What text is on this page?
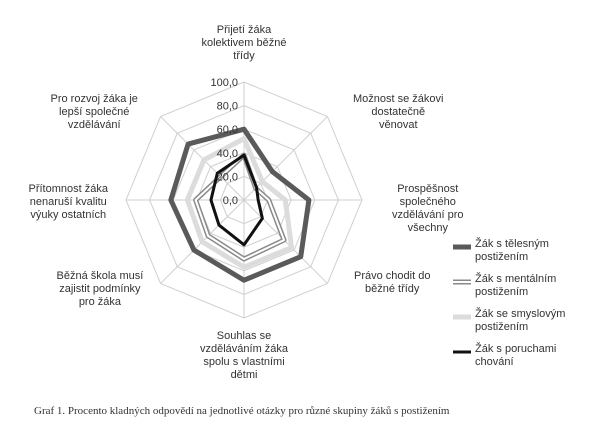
0,0
20,0
40,0
60,0
80,0
100,0
Přijetí žáka
kolektivem běžné
třídy
Možnost se žákovi
dostatečně
věnovat
Prospěšnost
společného
vzdělávání pro
všechny
Právo chodit do
běžné třídy
Souhlas se
vzděláváním žáka
spolu s vlastními
dětmi
Běžná škola musí
zajistit podmínky
pro žáka
Přítomnost žáka
nenaruší kvalitu
výuky ostatních
Pro rozvoj žáka je
lepší společné
vzdělávání
Žák s tělesným
postižením
Žák s mentálním
postižením
Žák se smyslovým
postižením
Žák s poruchami
chování
Graf 1. Procento kladných odpovědí na jednotlivé otázky pro různé skupiny žáků s postižením
